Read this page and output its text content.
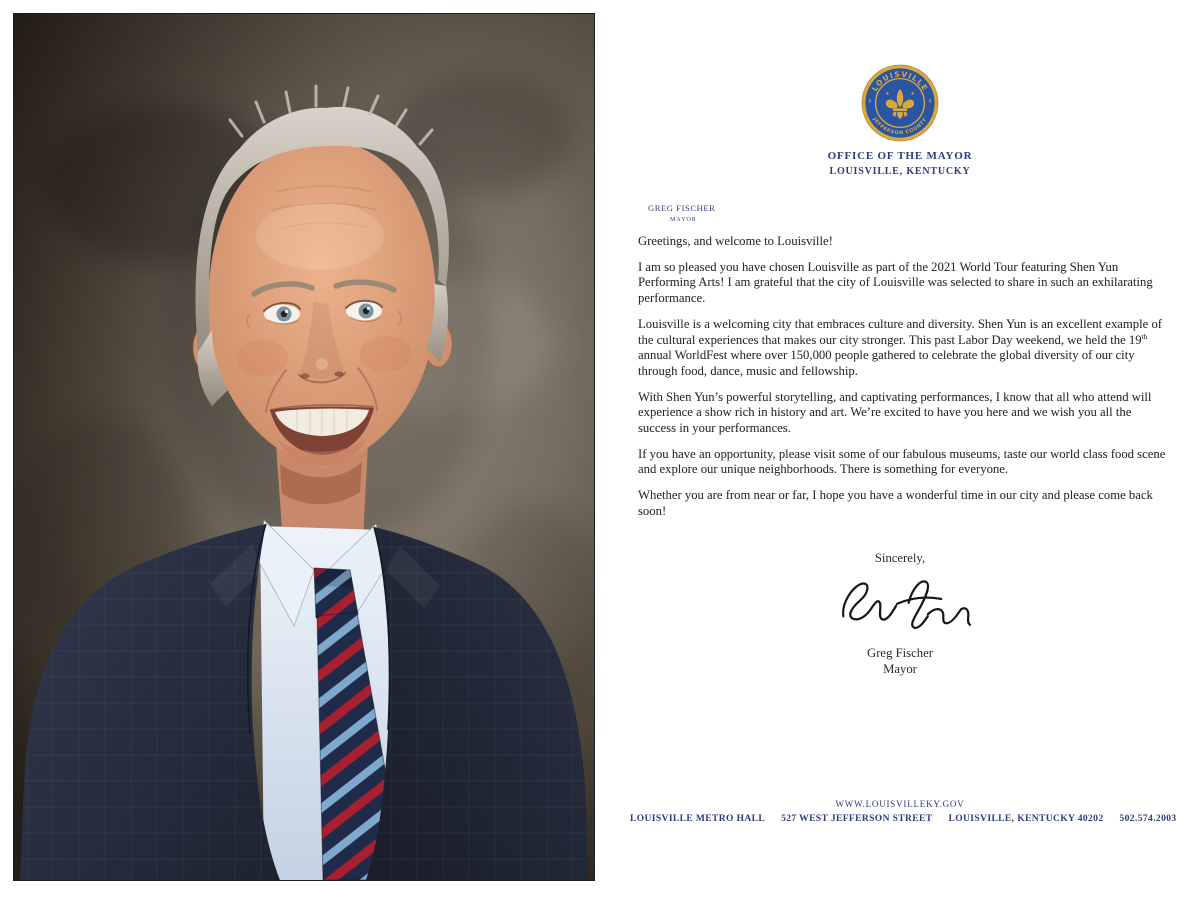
LOUISVILLE
JEFFERSON COUNTY
★	★
OFFICE OF THE MAYOR
LOUISVILLE, KENTUCKY
GREG FISCHER
MAYOR

Greetings, and welcome to Louisville!

I am so pleased you have chosen Louisville as part of the 2021 World Tour featuring Shen Yun Performing Arts! I am grateful that the city of Louisville was selected to share in such an exhilarating performance.

Louisville is a welcoming city that embraces culture and diversity. Shen Yun is an excellent example of the cultural experiences that makes our city stronger. This past Labor Day weekend, we held the 19th annual WorldFest where over 150,000 people gathered to celebrate the global diversity of our city through food, dance, music and fellowship.

With Shen Yun’s powerful storytelling, and captivating performances, I know that all who attend will experience a show rich in history and art. We’re excited to have you here and we wish you all the success in your performances.

If you have an opportunity, please visit some of our fabulous museums, taste our world class food scene and explore our unique neighborhoods. There is something for everyone.

Whether you are from near or far, I hope you have a wonderful time in our city and please come back soon!

Sincerely,
Greg Fischer
Mayor
WWW.LOUISVILLEKY.GOV
LOUISVILLE METRO HALL 527 WEST JEFFERSON STREET LOUISVILLE, KENTUCKY 40202 502.574.2003
